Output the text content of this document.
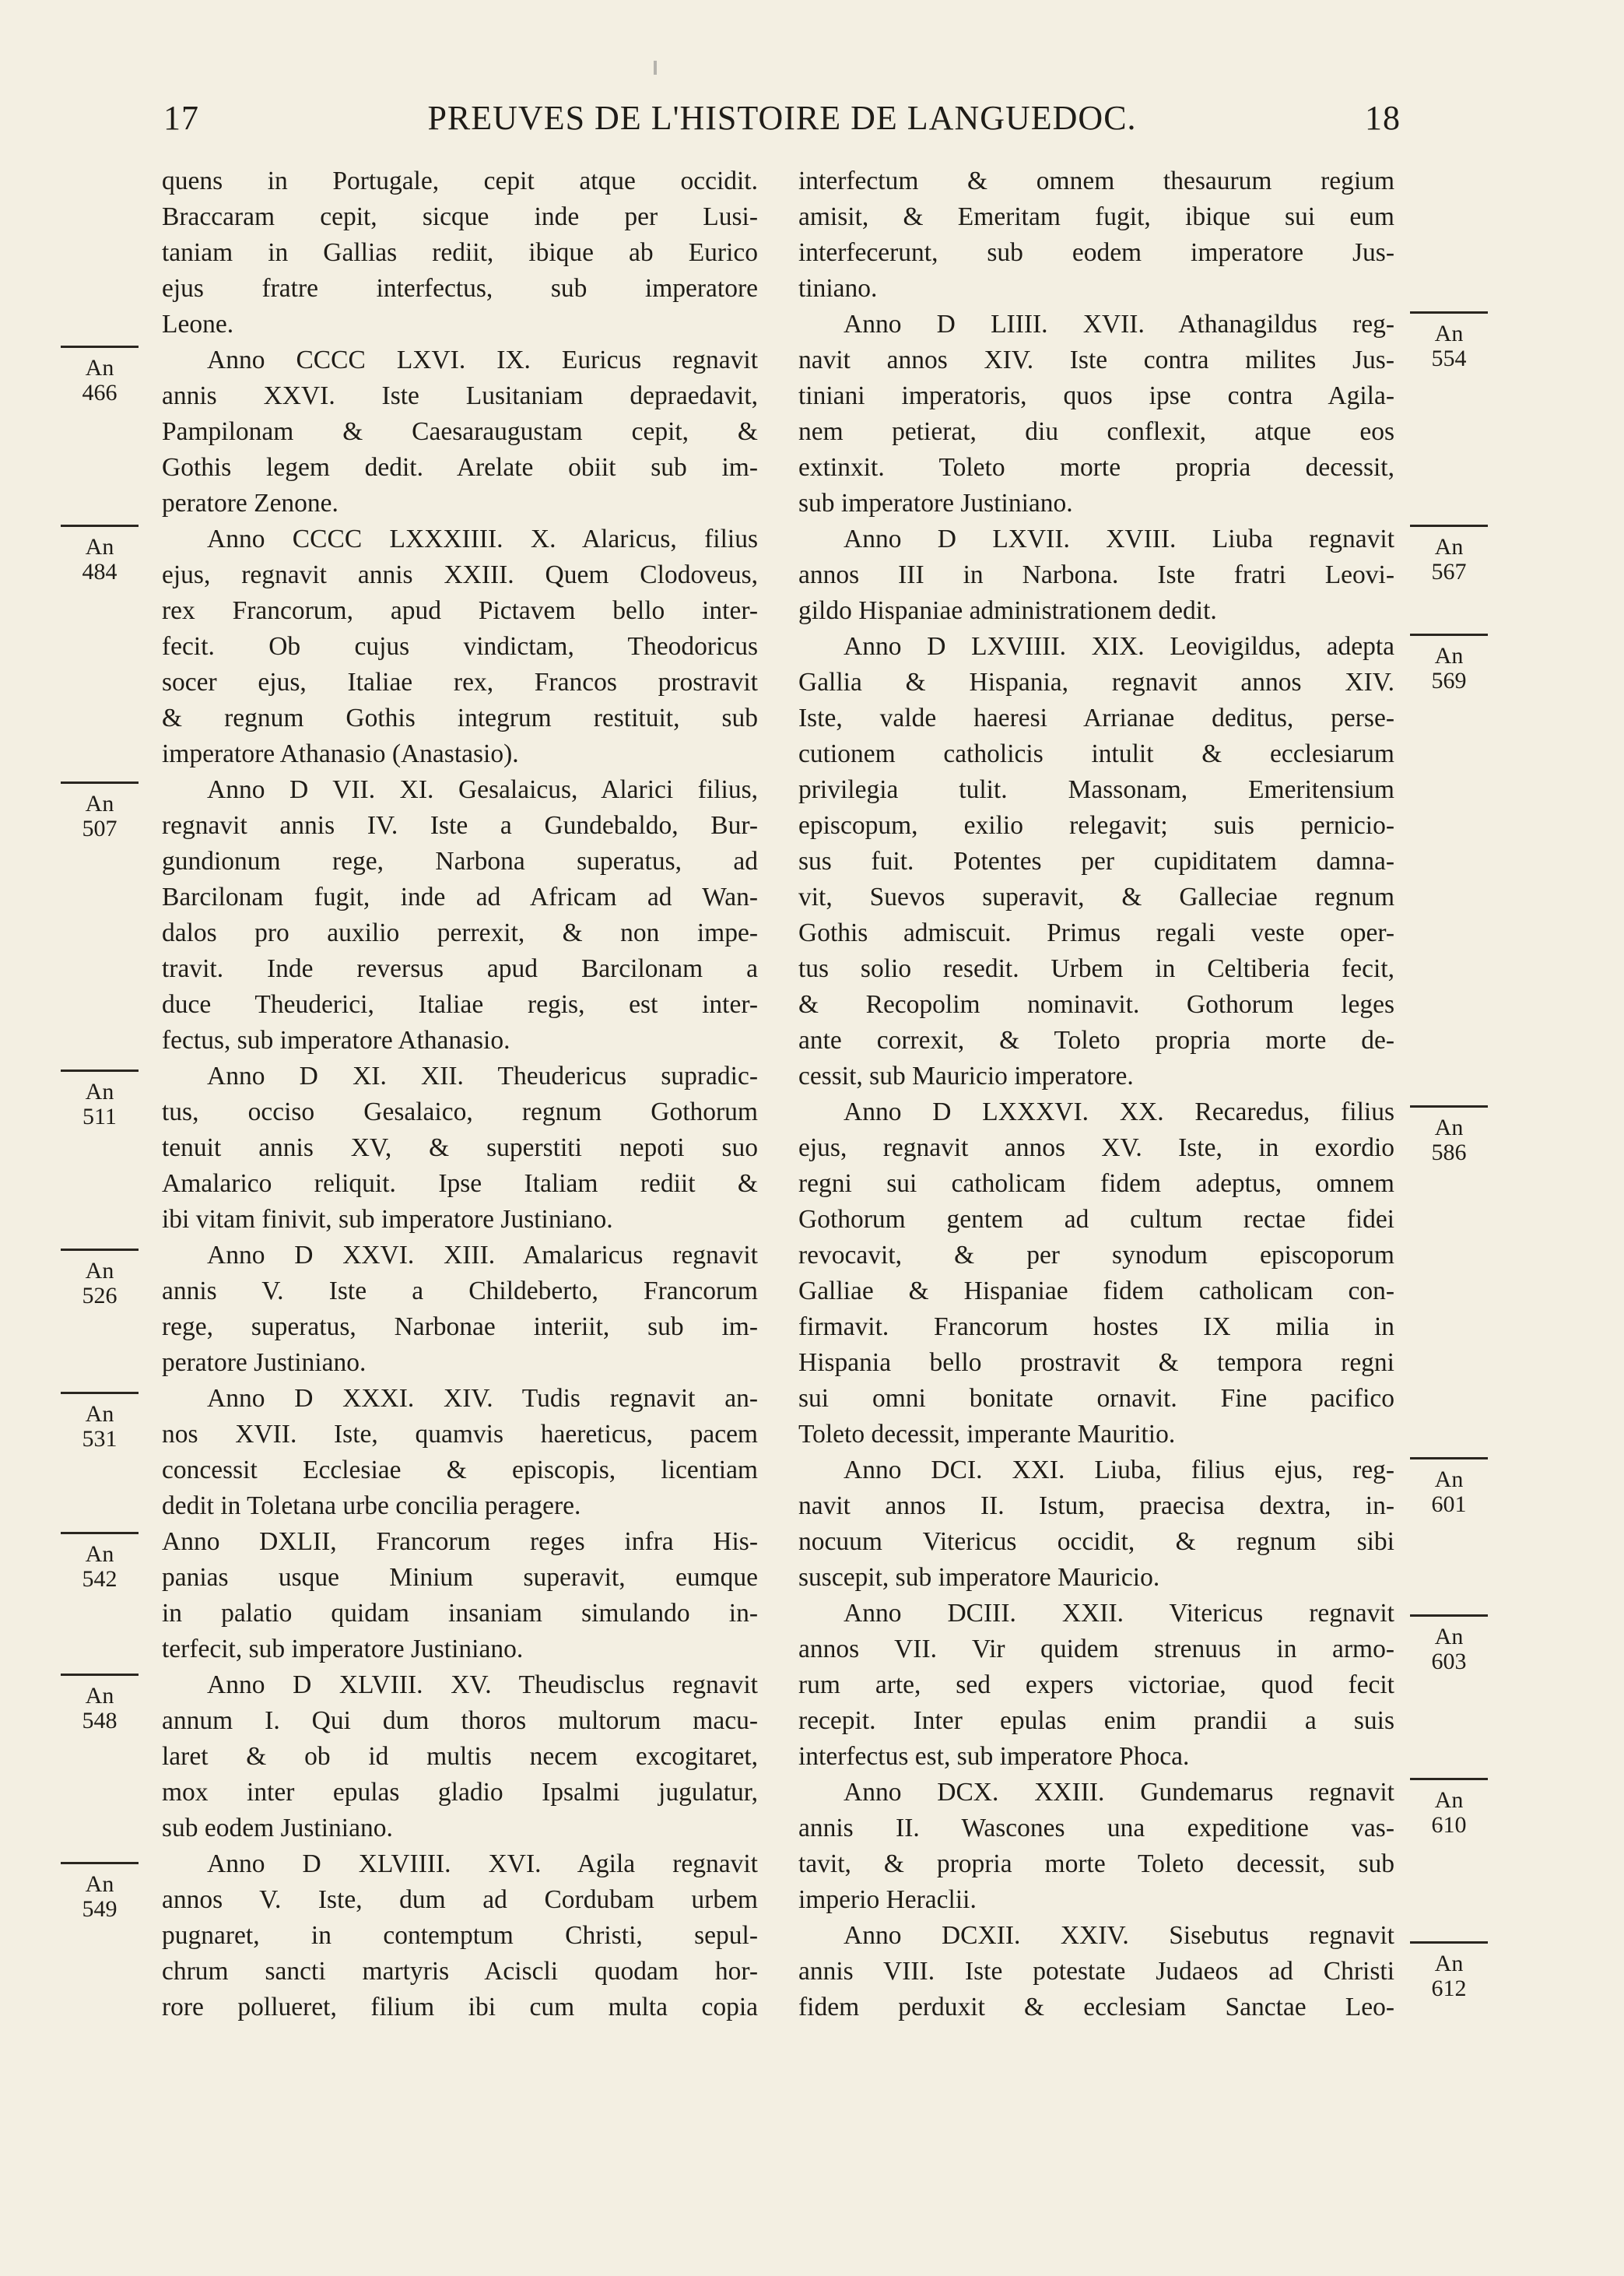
17	PREUVES DE L'HISTOIRE DE LANGUEDOC.	18

quens in Portugale, cepit atque occidit.

Braccaram cepit, sicque inde per Lusi-

taniam in Gallias rediit, ibique ab Eurico

ejus fratre interfectus, sub imperatore

Leone.

Anno CCCC LXVI. IX. Euricus regnavit

annis XXVI. Iste Lusitaniam depraedavit,

Pampilonam & Caesaraugustam cepit, &

Gothis legem dedit. Arelate obiit sub im-

peratore Zenone.

Anno CCCC LXXXIIII. X. Alaricus, filius

ejus, regnavit annis XXIII. Quem Clodoveus,

rex Francorum, apud Pictavem bello inter-

fecit. Ob cujus vindictam, Theodoricus

socer ejus, Italiae rex, Francos prostravit

& regnum Gothis integrum restituit, sub

imperatore Athanasio (Anastasio).

Anno D VII. XI. Gesalaicus, Alarici filius,

regnavit annis IV. Iste a Gundebaldo, Bur-

gundionum rege, Narbona superatus, ad

Barcilonam fugit, inde ad Africam ad Wan-

dalos pro auxilio perrexit, & non impe-

travit. Inde reversus apud Barcilonam a

duce Theuderici, Italiae regis, est inter-

fectus, sub imperatore Athanasio.

Anno D XI. XII. Theudericus supradic-

tus, occiso Gesalaico, regnum Gothorum

tenuit annis XV, & superstiti nepoti suo

Amalarico reliquit. Ipse Italiam rediit &

ibi vitam finivit, sub imperatore Justiniano.

Anno D XXVI. XIII. Amalaricus regnavit

annis V. Iste a Childeberto, Francorum

rege, superatus, Narbonae interiit, sub im-

peratore Justiniano.

Anno D XXXI. XIV. Tudis regnavit an-

nos XVII. Iste, quamvis haereticus, pacem

concessit Ecclesiae & episcopis, licentiam

dedit in Toletana urbe concilia peragere.

Anno DXLII, Francorum reges infra His-

panias usque Minium superavit, eumque

in palatio quidam insaniam simulando in-

terfecit, sub imperatore Justiniano.

Anno D XLVIII. XV. Theudisclus regnavit

annum I. Qui dum thoros multorum macu-

laret & ob id multis necem excogitaret,

mox inter epulas gladio Ipsalmi jugulatur,

sub eodem Justiniano.

Anno D XLVIIII. XVI. Agila regnavit

annos V. Iste, dum ad Cordubam urbem

pugnaret, in contemptum Christi, sepul-

chrum sancti martyris Aciscli quodam hor-

rore pollueret, filium ibi cum multa copia

interfectum & omnem thesaurum regium

amisit, & Emeritam fugit, ibique sui eum

interfecerunt, sub eodem imperatore Jus-

tiniano.

Anno D LIIII. XVII. Athanagildus reg-

navit annos XIV. Iste contra milites Jus-

tiniani imperatoris, quos ipse contra Agila-

nem petierat, diu conflexit, atque eos

extinxit. Toleto morte propria decessit,

sub imperatore Justiniano.

Anno D LXVII. XVIII. Liuba regnavit

annos III in Narbona. Iste fratri Leovi-

gildo Hispaniae administrationem dedit.

Anno D LXVIIII. XIX. Leovigildus, adepta

Gallia & Hispania, regnavit annos XIV.

Iste, valde haeresi Arrianae deditus, perse-

cutionem catholicis intulit & ecclesiarum

privilegia tulit. Massonam, Emeritensium

episcopum, exilio relegavit; suis pernicio-

sus fuit. Potentes per cupiditatem damna-

vit, Suevos superavit, & Galleciae regnum

Gothis admiscuit. Primus regali veste oper-

tus solio resedit. Urbem in Celtiberia fecit,

& Recopolim nominavit. Gothorum leges

ante correxit, & Toleto propria morte de-

cessit, sub Mauricio imperatore.

Anno D LXXXVI. XX. Recaredus, filius

ejus, regnavit annos XV. Iste, in exordio

regni sui catholicam fidem adeptus, omnem

Gothorum gentem ad cultum rectae fidei

revocavit, & per synodum episcoporum

Galliae & Hispaniae fidem catholicam con-

firmavit. Francorum hostes IX milia in

Hispania bello prostravit & tempora regni

sui omni bonitate ornavit. Fine pacifico

Toleto decessit, imperante Mauritio.

Anno DCI. XXI. Liuba, filius ejus, reg-

navit annos II. Istum, praecisa dextra, in-

nocuum Vitericus occidit, & regnum sibi

suscepit, sub imperatore Mauricio.

Anno DCIII. XXII. Vitericus regnavit

annos VII. Vir quidem strenuus in armo-

rum arte, sed expers victoriae, quod fecit

recepit. Inter epulas enim prandii a suis

interfectus est, sub imperatore Phoca.

Anno DCX. XXIII. Gundemarus regnavit

annis II. Wascones una expeditione vas-

tavit, & propria morte Toleto decessit, sub

imperio Heraclii.

Anno DCXII. XXIV. Sisebutus regnavit

annis VIII. Iste potestate Judaeos ad Christi

fidem perduxit & ecclesiam Sanctae Leo-

An
466
An
484
An
507
An
511
An
526
An
531
An
542
An
548
An
549
An
554
An
567
An
569
An
586
An
601
An
603
An
610
An
612
